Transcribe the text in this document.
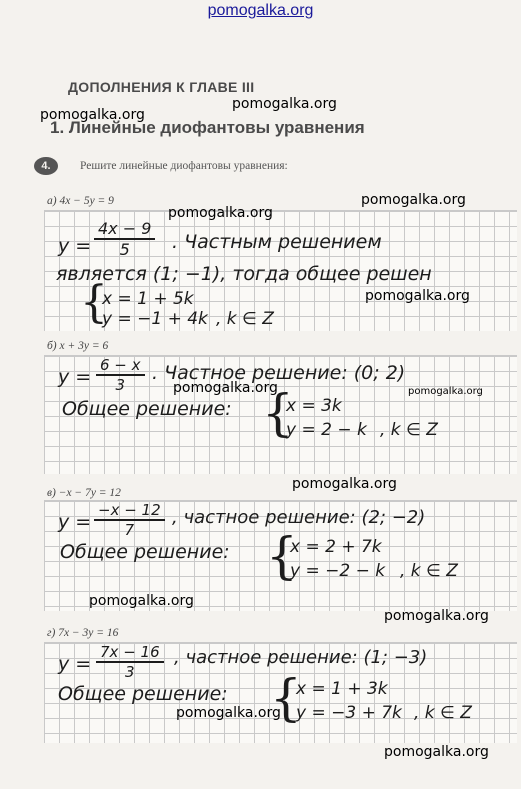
pomogalka.org
ДОПОЛНЕНИЯ К ГЛАВЕ III
1. Линейные диофантовы уравнения
4.	Решите линейные диофантовы уравнения:
а) 4x − 5y = 9
$y = \frac{4x - 9}{5}$ . Частным решением
является (1; −1), тогда общее решен
{
x = 1 + 5k
y = −1 + 4k , k ∈ Z
б) x + 3y = 6
$y = \frac{6 - x}{3}$ . Частное решение: (0; 2)
Общее решение: {
x = 3k
y = 2 − k , k ∈ Z
в) −x − 7y = 12
$y = \frac{-x - 12}{7}$ , частное решение: (2; −2)
Общее решение: {
x = 2 + 7k
y = −2 − k , k ∈ Z
г) 7x − 3y = 16
$y = \frac{7x - 16}{3}$ , частное решение: (1; −3)
Общее решение: {
x = 1 + 3k
y = −3 + 7k , k ∈ Z
pomogalka.org
pomogalka.org
pomogalka.org
pomogalka.org
pomogalka.org
pomogalka.org	pomogalka.org
pomogalka.org
pomogalka.org
pomogalka.org
pomogalka.org
pomogalka.org
